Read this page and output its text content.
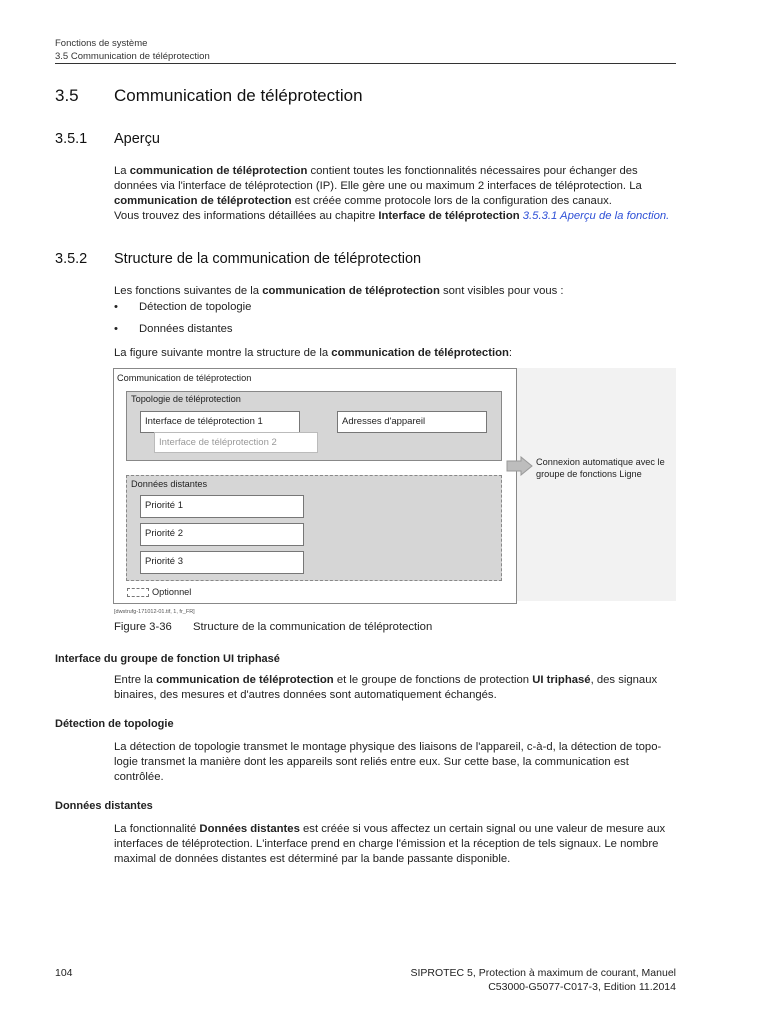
Fonctions de système
3.5 Communication de téléprotection
3.5 Communication de téléprotection
3.5.1 Aperçu
La communication de téléprotection contient toutes les fonctionnalités nécessaires pour échanger des
données via l'interface de téléprotection (IP). Elle gère une ou maximum 2 interfaces de téléprotection. La
communication de téléprotection est créée comme protocole lors de la configuration des canaux.
Vous trouvez des informations détaillées au chapitre Interface de téléprotection 3.5.3.1 Aperçu de la fonction.
3.5.2 Structure de la communication de téléprotection
Les fonctions suivantes de la communication de téléprotection sont visibles pour vous :
• Détection de topologie
• Données distantes
La figure suivante montre la structure de la communication de téléprotection:
Communication de téléprotection
Topologie de téléprotection
Interface de téléprotection 1
Interface de téléprotection 2
Adresses d'appareil
Connexion automatique avec le
groupe de fonctions Ligne
Données distantes
Priorité 1
Priorité 2
Priorité 3
Optionnel
[dwstrufg-171012-01.tif, 1, fr_FR]
Figure 3-36 Structure de la communication de téléprotection
Interface du groupe de fonction UI triphasé
Entre la communication de téléprotection et le groupe de fonctions de protection UI triphasé, des signaux
binaires, des mesures et d'autres données sont automatiquement échangés.
Détection de topologie
La détection de topologie transmet le montage physique des liaisons de l'appareil, c-à-d, la détection de topo-
logie transmet la manière dont les appareils sont reliés entre eux. Sur cette base, la communication est
contrôlée.
Données distantes
La fonctionnalité Données distantes est créée si vous affectez un certain signal ou une valeur de mesure aux
interfaces de téléprotection. L'interface prend en charge l'émission et la réception de tels signaux. Le nombre
maximal de données distantes est déterminé par la bande passante disponible.
104	SIPROTEC 5, Protection à maximum de courant, Manuel
C53000-G5077-C017-3, Edition 11.2014
